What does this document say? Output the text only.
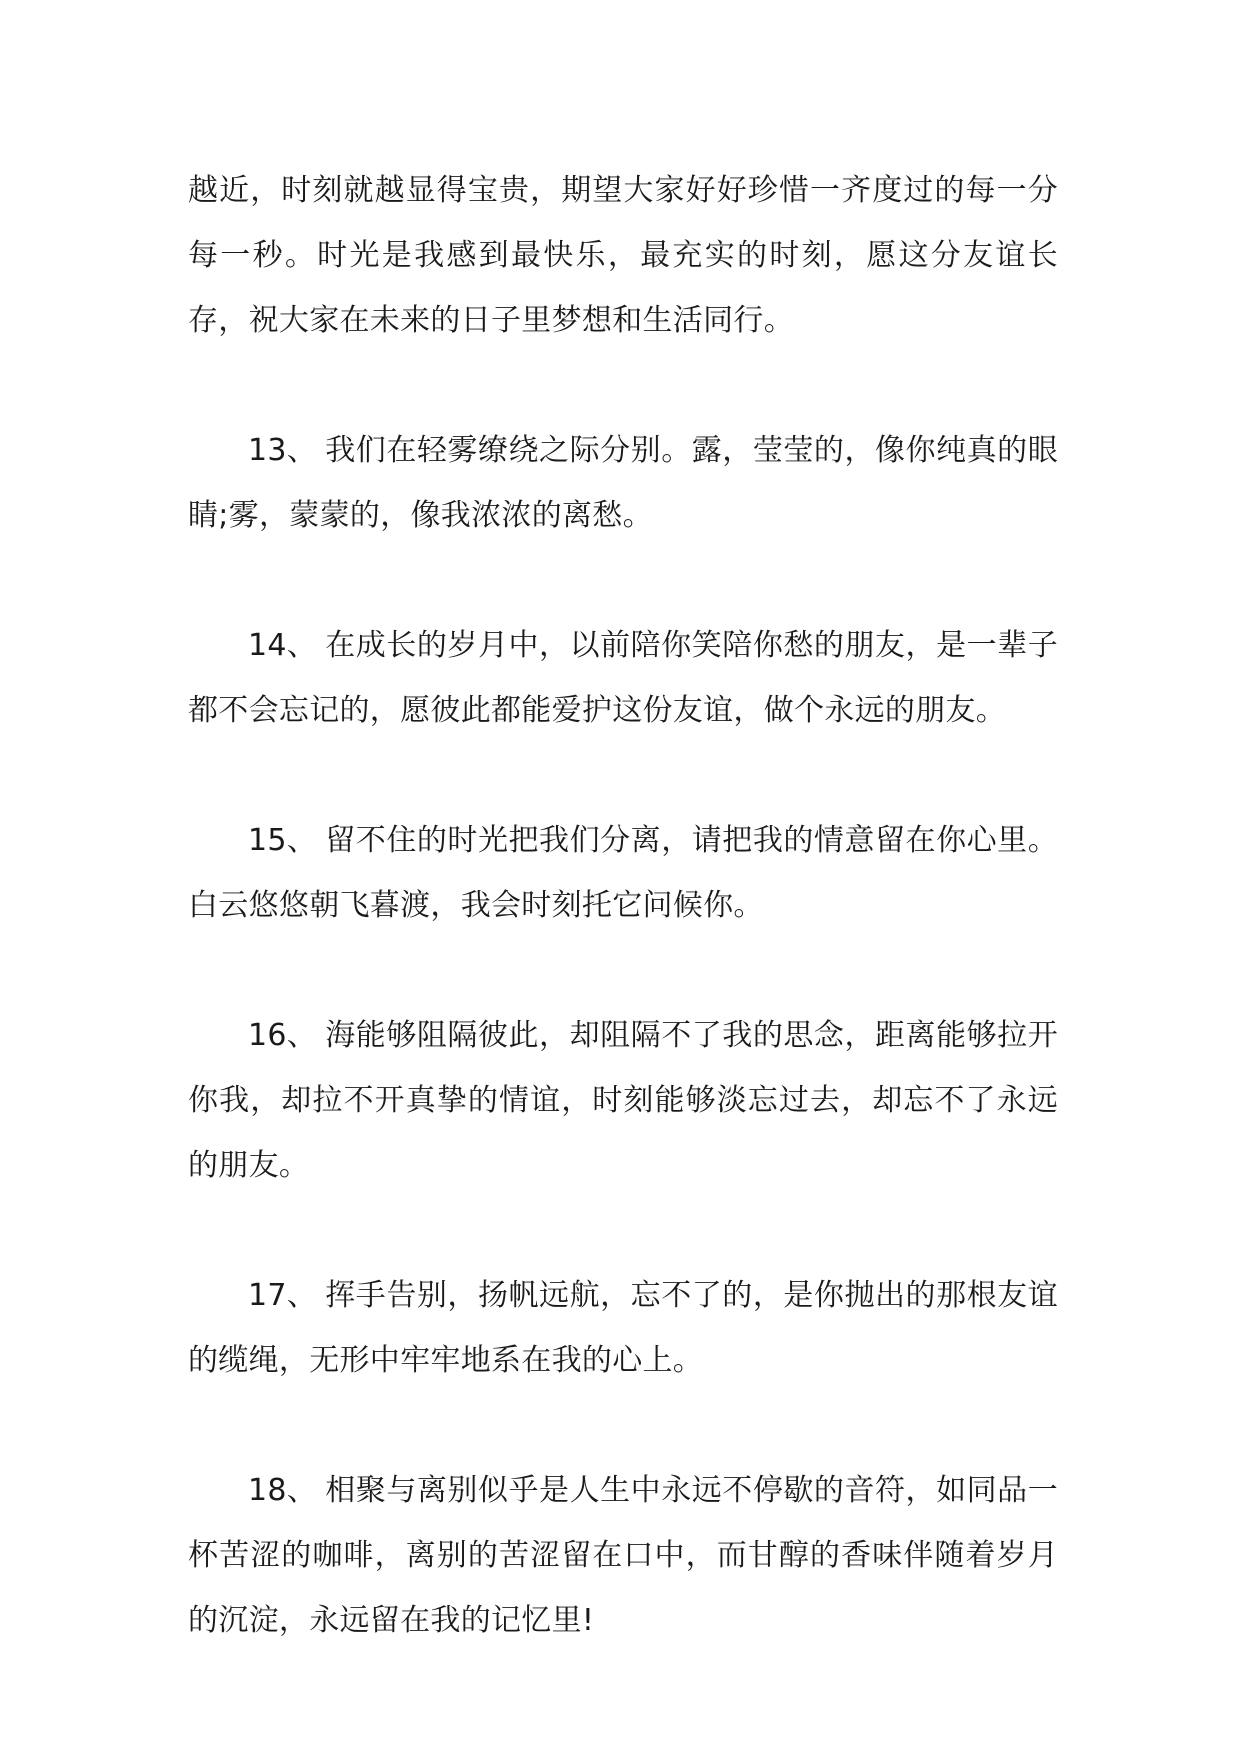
越近，时刻就越显得宝贵，期望大家好好珍惜一齐度过的每一分每一秒。时光是我感到最快乐，最充实的时刻，愿这分友谊长存，祝大家在未来的日子里梦想和生活同行。

13、 我们在轻雾缭绕之际分别。露，莹莹的，像你纯真的眼睛;雾，蒙蒙的，像我浓浓的离愁。

14、 在成长的岁月中，以前陪你笑陪你愁的朋友，是一辈子都不会忘记的，愿彼此都能爱护这份友谊，做个永远的朋友。

15、 留不住的时光把我们分离，请把我的情意留在你心里。白云悠悠朝飞暮渡，我会时刻托它问候你。

16、 海能够阻隔彼此，却阻隔不了我的思念，距离能够拉开你我，却拉不开真挚的情谊，时刻能够淡忘过去，却忘不了永远的朋友。

17、 挥手告别，扬帆远航，忘不了的，是你抛出的那根友谊的缆绳，无形中牢牢地系在我的心上。

18、 相聚与离别似乎是人生中永远不停歇的音符，如同品一杯苦涩的咖啡，离别的苦涩留在口中，而甘醇的香味伴随着岁月的沉淀，永远留在我的记忆里!
